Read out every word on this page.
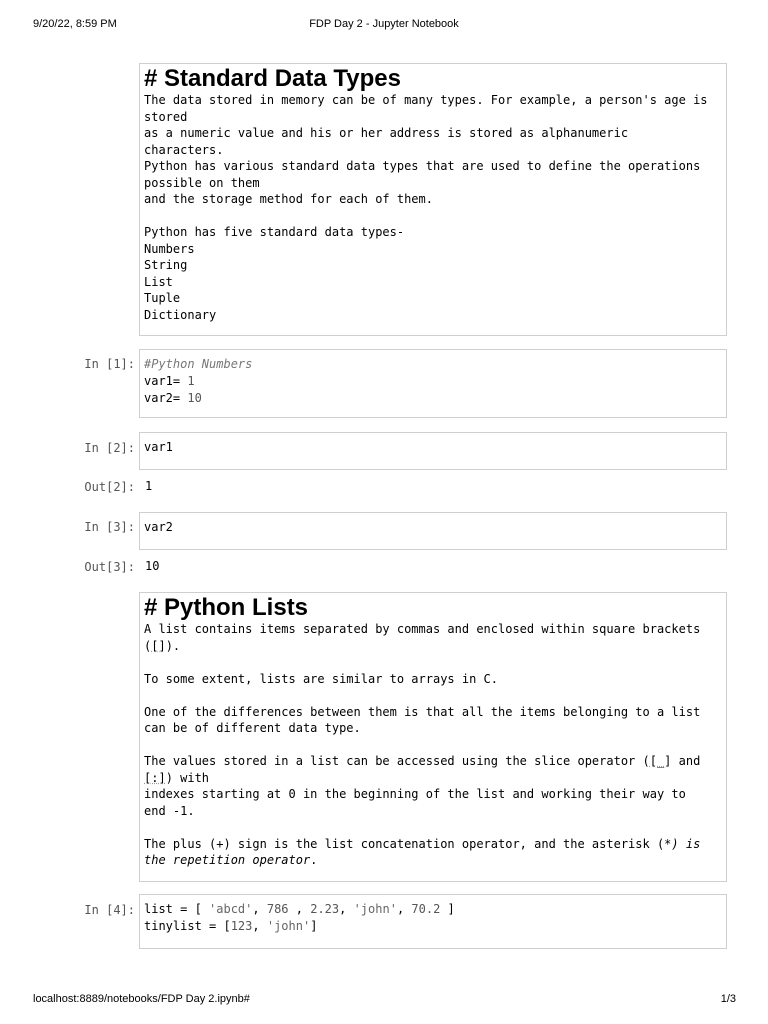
9/20/22, 8:59 PM	FDP Day 2 - Jupyter Notebook
# Standard Data Types
The data stored in memory can be of many types. For example, a person's age is
stored
as a numeric value and his or her address is stored as alphanumeric
characters.
Python has various standard data types that are used to define the operations
possible on them
and the storage method for each of them.

Python has five standard data types-
Numbers
String
List
Tuple
Dictionary
In [1]: #Python Numbers
var1= 1
var2= 10
In [2]: var1
Out[2]: 1
In [3]: var2
Out[3]: 10
# Python Lists
A list contains items separated by commas and enclosed within square brackets
([]).

To some extent, lists are similar to arrays in C.

One of the differences between them is that all the items belonging to a list
can be of different data type.

The values stored in a list can be accessed using the slice operator ([_] and
[:]) with
indexes starting at 0 in the beginning of the list and working their way to
end -1.

The plus (+) sign is the list concatenation operator, and the asterisk (*) is
the repetition operator.
In [4]: list = [ 'abcd', 786 , 2.23, 'john', 70.2 ]
tinylist = [123, 'john']
localhost:8889/notebooks/FDP Day 2.ipynb#	1/3
